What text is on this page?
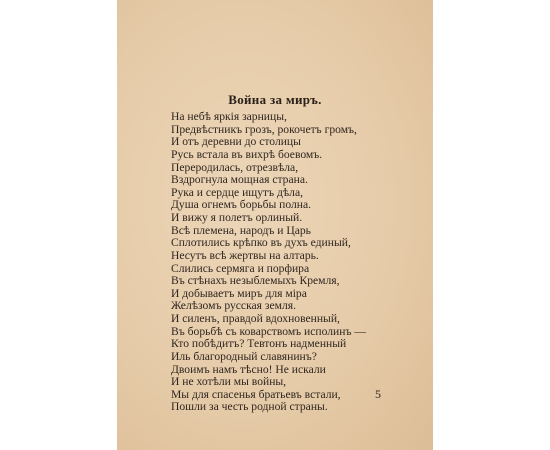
Война за миръ.
На небѣ яркія зарницы,
Предвѣстникъ грозъ, рокочетъ громъ,
И отъ деревни до столицы
Русь встала въ вихрѣ боевомъ.
Переродилась, отрезвѣла,
Вздрогнула мощная страна.
Рука и сердце ищутъ дѣла,
Душа огнемъ борьбы полна.
И вижу я полетъ орлиный.
Всѣ племена, народъ и Царь
Сплотились крѣпко въ духъ единый,
Несутъ всѣ жертвы на алтарь.
Слились сермяга и порфира
Въ стѣнахъ незыблемыхъ Кремля,
И добываетъ миръ для міра
Желѣзомъ русская земля.
И силенъ, правдой вдохновенный,
Въ борьбѣ съ коварствомъ исполинъ —
Кто побѣдитъ? Тевтонъ надменный
Иль благородный славянинъ?
Двоимъ намъ тѣсно! Не искали
И не хотѣли мы войны,
Мы для спасенья братьевъ встали,
Пошли за честь родной страны.
5
